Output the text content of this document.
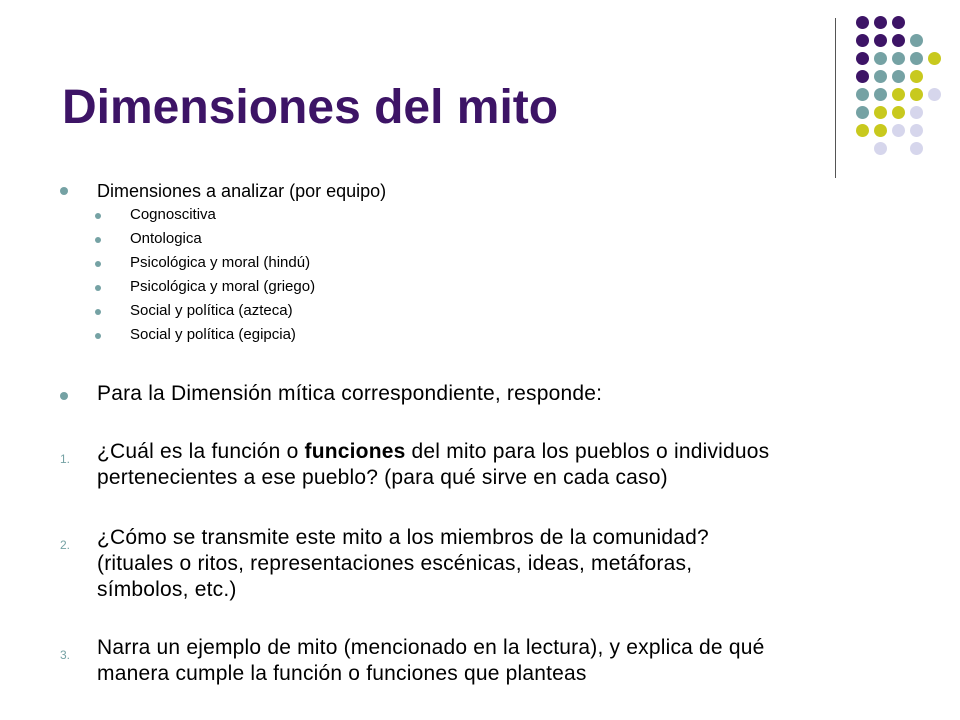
Dimensiones del mito
Dimensiones a analizar (por equipo)
Cognoscitiva
Ontologica
Psicológica y moral (hindú)
Psicológica y moral (griego)
Social y política (azteca)
Social y política (egipcia)
Para la Dimensión mítica correspondiente, responde:
1. ¿Cuál es la función o funciones del mito para los pueblos o individuos
pertenecientes a ese pueblo? (para qué sirve en cada caso)
2. ¿Cómo se transmite este mito a los miembros de la comunidad?
(rituales o ritos, representaciones escénicas, ideas, metáforas,
símbolos, etc.)
3. Narra un ejemplo de mito (mencionado en la lectura), y explica de qué
manera cumple la función o funciones que planteas
